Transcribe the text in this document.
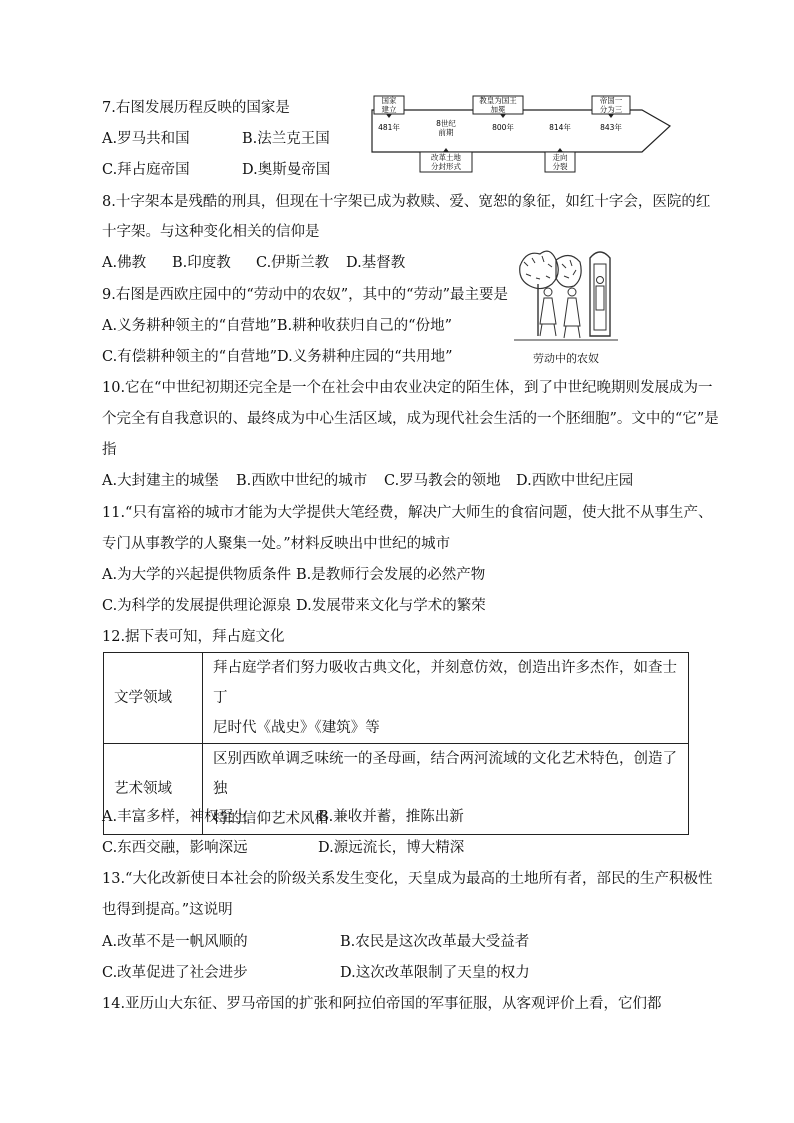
7.右图发展历程反映的国家是
A.罗马共和国	B.法兰克王国
C.拜占庭帝国	D.奥斯曼帝国
国家
建立
教皇为国王
加冕
帝国一
分为三
481年	8世纪
前期
800年	814年	843年
改革土地
分封形式
走向
分裂
8.十字架本是残酷的刑具，但现在十字架已成为救赎、爱、宽恕的象征，如红十字会，医院的红
十字架。与这种变化相关的信仰是
A.佛教 B.印度教 C.伊斯兰教 D.基督教
9.右图是西欧庄园中的“劳动中的农奴”，其中的“劳动”最主要是
A.义务耕种领主的“自营地”B.耕种收获归自己的“份地”
C.有偿耕种领主的“自营地”D.义务耕种庄园的“共用地”	劳动中的农奴
10.它在“中世纪初期还完全是一个在社会中由农业决定的陌生体，到了中世纪晚期则发展成为一
个完全有自我意识的、最终成为中心生活区域，成为现代社会生活的一个胚细胞”。文中的“它”是
指
A.大封建主的城堡 B.西欧中世纪的城市 C.罗马教会的领地 D.西欧中世纪庄园
11.“只有富裕的城市才能为大学提供大笔经费，解决广大师生的食宿问题，使大批不从事生产、
专门从事教学的人聚集一处。”材料反映出中世纪的城市
A.为大学的兴起提供物质条件 B.是教师行会发展的必然产物
C.为科学的发展提供理论源泉 D.发展带来文化与学术的繁荣
12.据下表可知，拜占庭文化
文学领域	拜占庭学者们努力吸收古典文化，并刻意仿效，创造出许多杰作，如查士丁
尼时代《战史》《建筑》等

艺术领域	区别西欧单调乏味统一的圣母画，结合两河流域的文化艺术特色，创造了独
特的信仰艺术风格
A.丰富多样，神权至上	B.兼收并蓄，推陈出新
C.东西交融，影响深远	D.源远流长，博大精深
13.“大化改新使日本社会的阶级关系发生变化，天皇成为最高的土地所有者，部民的生产积极性
也得到提高。”这说明
A.改革不是一帆风顺的	B.农民是这次改革最大受益者
C.改革促进了社会进步	D.这次改革限制了天皇的权力
14.亚历山大东征、罗马帝国的扩张和阿拉伯帝国的军事征服，从客观评价上看，它们都
